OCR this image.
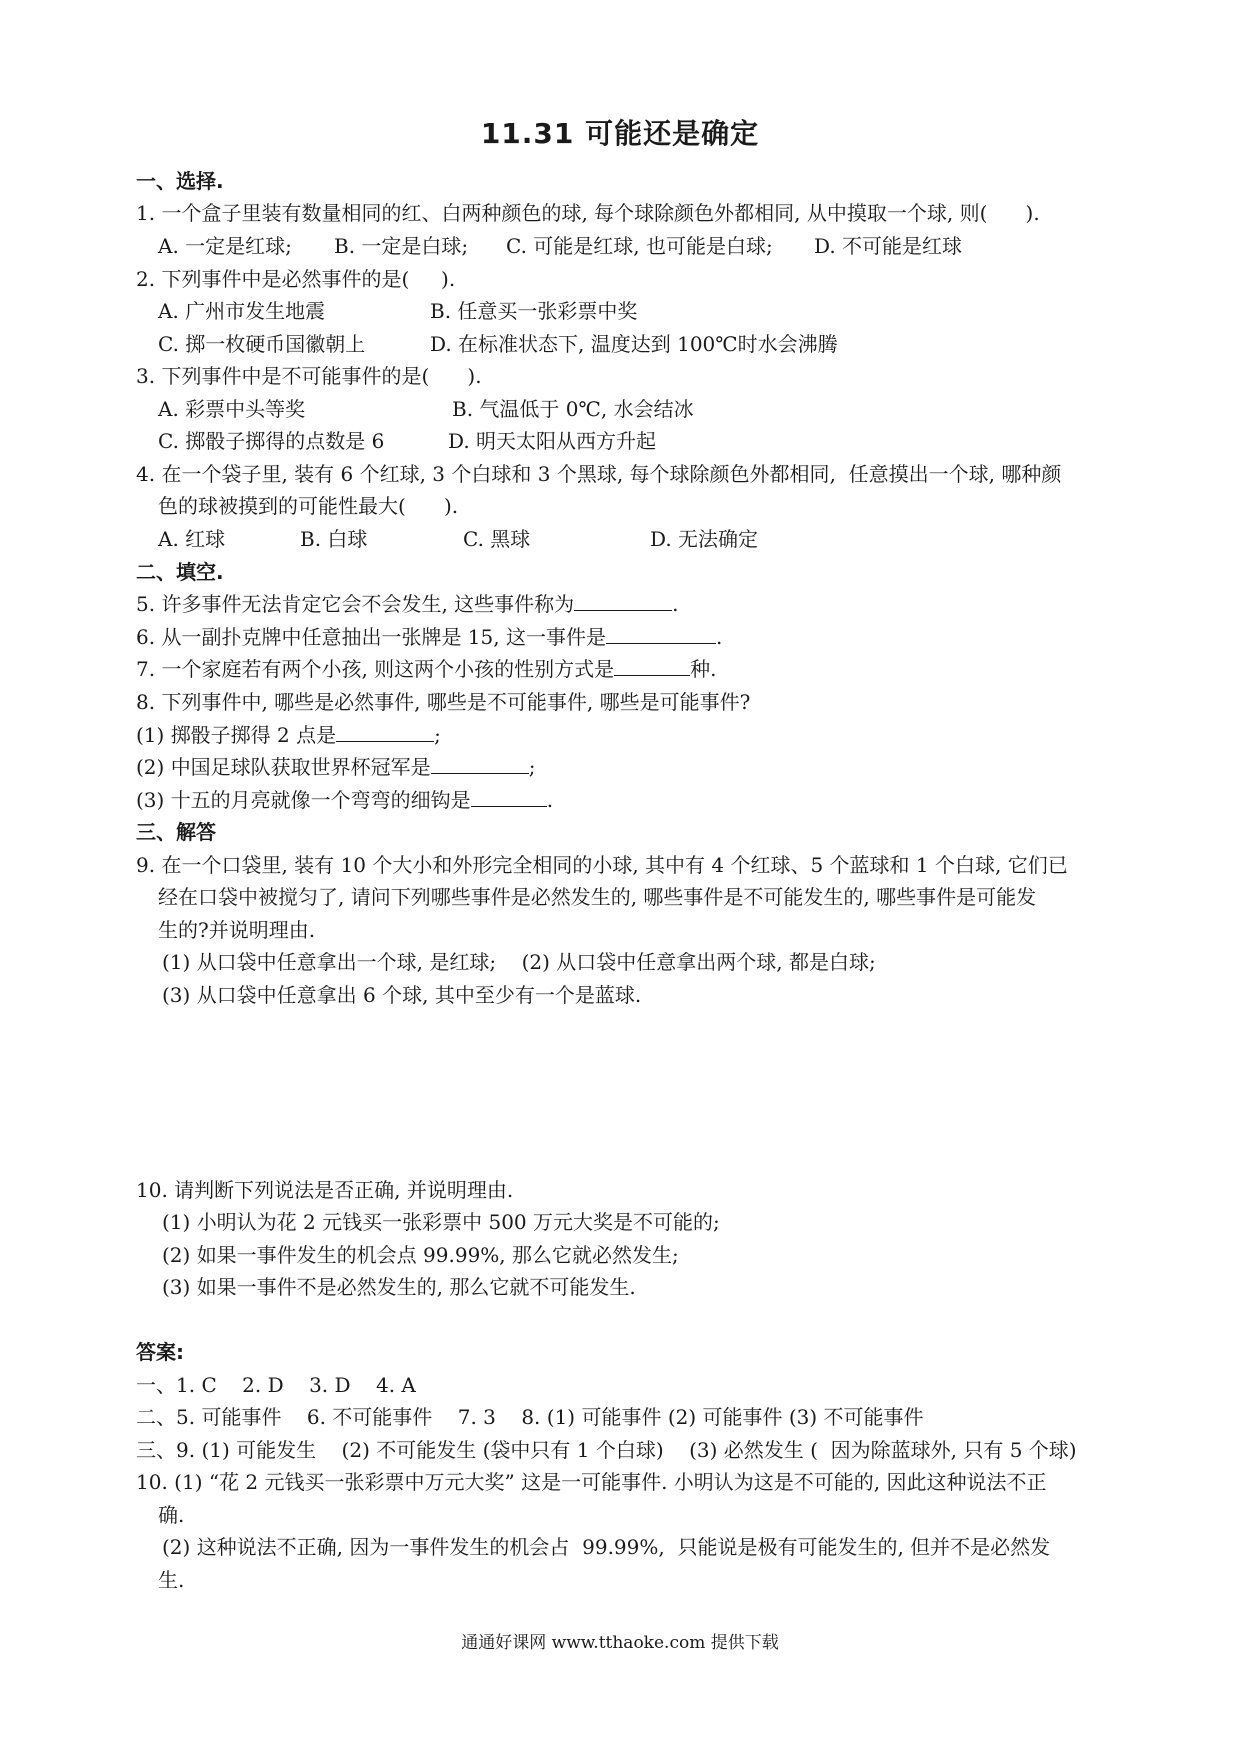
11.31 可能还是确定
一、选择.
1. 一个盒子里装有数量相同的红、白两种颜色的球, 每个球除颜色外都相同, 从中摸取一个球, 则(      ).
A. 一定是红球; B. 一定是白球; C. 可能是红球, 也可能是白球; D. 不可能是红球
2. 下列事件中是必然事件的是(     ).
A. 广州市发生地震	B. 任意买一张彩票中奖
C. 掷一枚硬币国徽朝上	D. 在标准状态下, 温度达到 100℃时水会沸腾
3. 下列事件中是不可能事件的是(      ).
A. 彩票中头等奖	B. 气温低于 0℃, 水会结冰
C. 掷骰子掷得的点数是 6	D. 明天太阳从西方升起
4. 在一个袋子里, 装有 6 个红球, 3 个白球和 3 个黑球, 每个球除颜色外都相同,  任意摸出一个球, 哪种颜
色的球被摸到的可能性最大(      ).
A. 红球	B. 白球	C. 黑球	D. 无法确定
二、填空.
5. 许多事件无法肯定它会不会发生, 这些事件称为	.
6. 从一副扑克牌中任意抽出一张牌是 15, 这一事件是	.
7. 一个家庭若有两个小孩, 则这两个小孩的性别方式是	种.
8. 下列事件中, 哪些是必然事件, 哪些是不可能事件, 哪些是可能事件?
(1) 掷骰子掷得 2 点是	;
(2) 中国足球队获取世界杯冠军是	;
(3) 十五的月亮就像一个弯弯的细钩是	.
三、解答
9. 在一个口袋里, 装有 10 个大小和外形完全相同的小球, 其中有 4 个红球、5 个蓝球和 1 个白球, 它们已
经在口袋中被搅匀了, 请问下列哪些事件是必然发生的, 哪些事件是不可能发生的, 哪些事件是可能发
生的?并说明理由.
(1) 从口袋中任意拿出一个球, 是红球;    (2) 从口袋中任意拿出两个球, 都是白球;
(3) 从口袋中任意拿出 6 个球, 其中至少有一个是蓝球.
10. 请判断下列说法是否正确, 并说明理由.
(1) 小明认为花 2 元钱买一张彩票中 500 万元大奖是不可能的;
(2) 如果一事件发生的机会点 99.99%, 那么它就必然发生;
(3) 如果一事件不是必然发生的, 那么它就不可能发生.
答案:
一、1. C    2. D    3. D    4. A
二、5. 可能事件    6. 不可能事件    7. 3    8. (1) 可能事件 (2) 可能事件 (3) 不可能事件
三、9. (1) 可能发生    (2) 不可能发生 (袋中只有 1 个白球)    (3) 必然发生 (  因为除蓝球外, 只有 5 个球)
10. (1) “花 2 元钱买一张彩票中万元大奖” 这是一可能事件. 小明认为这是不可能的, 因此这种说法不正
确.
(2) 这种说法不正确, 因为一事件发生的机会占  99.99%,  只能说是极有可能发生的, 但并不是必然发
生.
通通好课网 www.tthaoke.com 提供下载
